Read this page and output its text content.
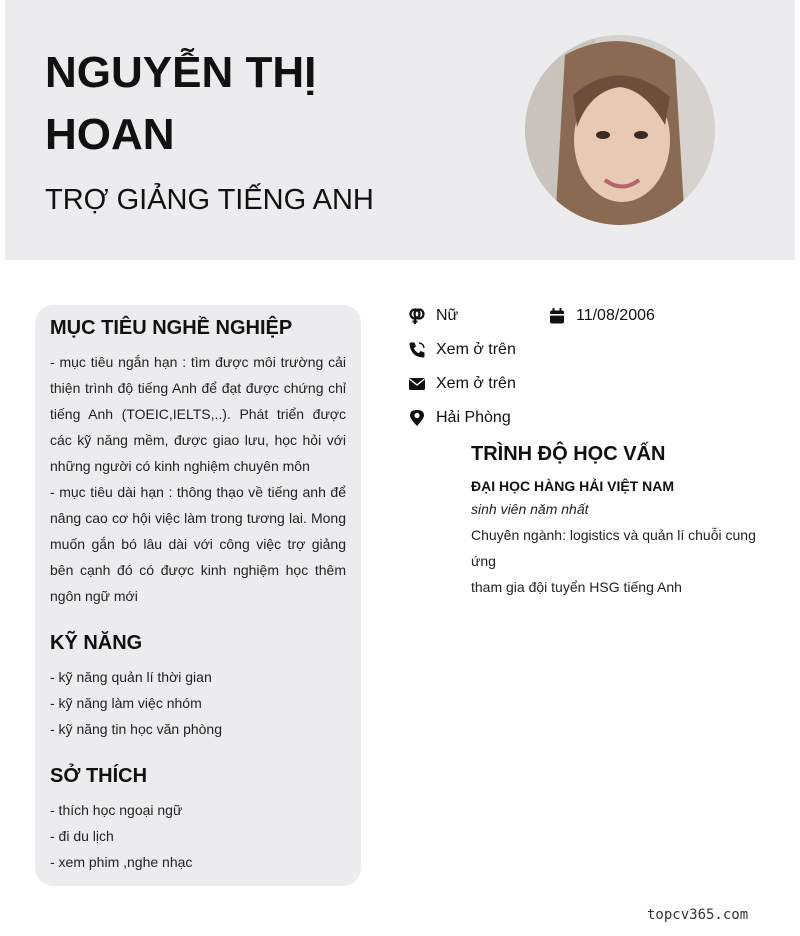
NGUYỄN THỊ HOAN
TRỢ GIẢNG TIẾNG ANH
MỤC TIÊU NGHỀ NGHIỆP
- mục tiêu ngắn hạn : tìm được môi trường cải thiện trình độ tiếng Anh để đạt được chứng chỉ tiếng Anh (TOEIC,IELTS,..). Phát triển được các kỹ năng mềm, được giao lưu, học hỏi với những người có kinh nghiệm chuyên môn
- mục tiêu dài hạn : thông thạo về tiếng anh để nâng cao cơ hội việc làm trong tương lai. Mong muốn gắn bó lâu dài với công việc trợ giảng bên cạnh đó có được kinh nghiệm học thêm ngôn ngữ mới
KỸ NĂNG
- kỹ năng quản lí thời gian
- kỹ năng làm việc nhóm
- kỹ năng tin học văn phòng
SỞ THÍCH
- thích học ngoại ngữ
- đi du lịch
- xem phim ,nghe nhạc
Nữ	11/08/2006
Xem ở trên
Xem ở trên
Hải Phòng
TRÌNH ĐỘ HỌC VẤN
ĐẠI HỌC HÀNG HẢI VIỆT NAM
sinh viên năm nhất
Chuyên ngành: logistics và quản lí chuỗi cung ứng
tham gia đội tuyển HSG tiếng Anh
topcv365.com
